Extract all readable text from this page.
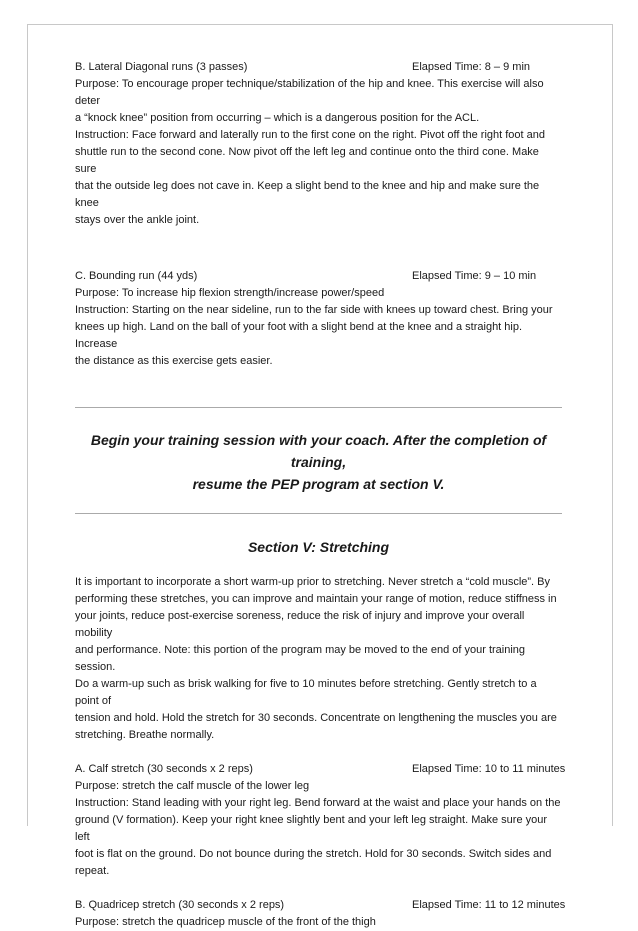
B. Lateral Diagonal runs (3 passes)	Elapsed Time: 8 – 9 min

Purpose: To encourage proper technique/stabilization of the hip and knee. This exercise will also deter

a “knock knee” position from occurring – which is a dangerous position for the ACL.

Instruction: Face forward and laterally run to the first cone on the right. Pivot off the right foot and

shuttle run to the second cone. Now pivot off the left leg and continue onto the third cone. Make sure

that the outside leg does not cave in. Keep a slight bend to the knee and hip and make sure the knee

stays over the ankle joint.

C. Bounding run (44 yds)	Elapsed Time: 9 – 10 min

Purpose: To increase hip flexion strength/increase power/speed

Instruction: Starting on the near sideline, run to the far side with knees up toward chest. Bring your

knees up high. Land on the ball of your foot with a slight bend at the knee and a straight hip. Increase

the distance as this exercise gets easier.

Begin your training session with your coach. After the completion of training,

resume the PEP program at section V.

Section V: Stretching

It is important to incorporate a short warm-up prior to stretching. Never stretch a “cold muscle”. By

performing these stretches, you can improve and maintain your range of motion, reduce stiffness in

your joints, reduce post-exercise soreness, reduce the risk of injury and improve your overall mobility

and performance. Note: this portion of the program may be moved to the end of your training session.

Do a warm-up such as brisk walking for five to 10 minutes before stretching. Gently stretch to a point of

tension and hold. Hold the stretch for 30 seconds. Concentrate on lengthening the muscles you are

stretching. Breathe normally.

A. Calf stretch (30 seconds x 2 reps)	Elapsed Time: 10 to 11 minutes

Purpose: stretch the calf muscle of the lower leg

Instruction: Stand leading with your right leg. Bend forward at the waist and place your hands on the

ground (V formation). Keep your right knee slightly bent and your left leg straight. Make sure your left

foot is flat on the ground. Do not bounce during the stretch. Hold for 30 seconds. Switch sides and

repeat.

B. Quadricep stretch (30 seconds x 2 reps)	Elapsed Time: 11 to 12 minutes

Purpose: stretch the quadricep muscle of the front of the thigh
